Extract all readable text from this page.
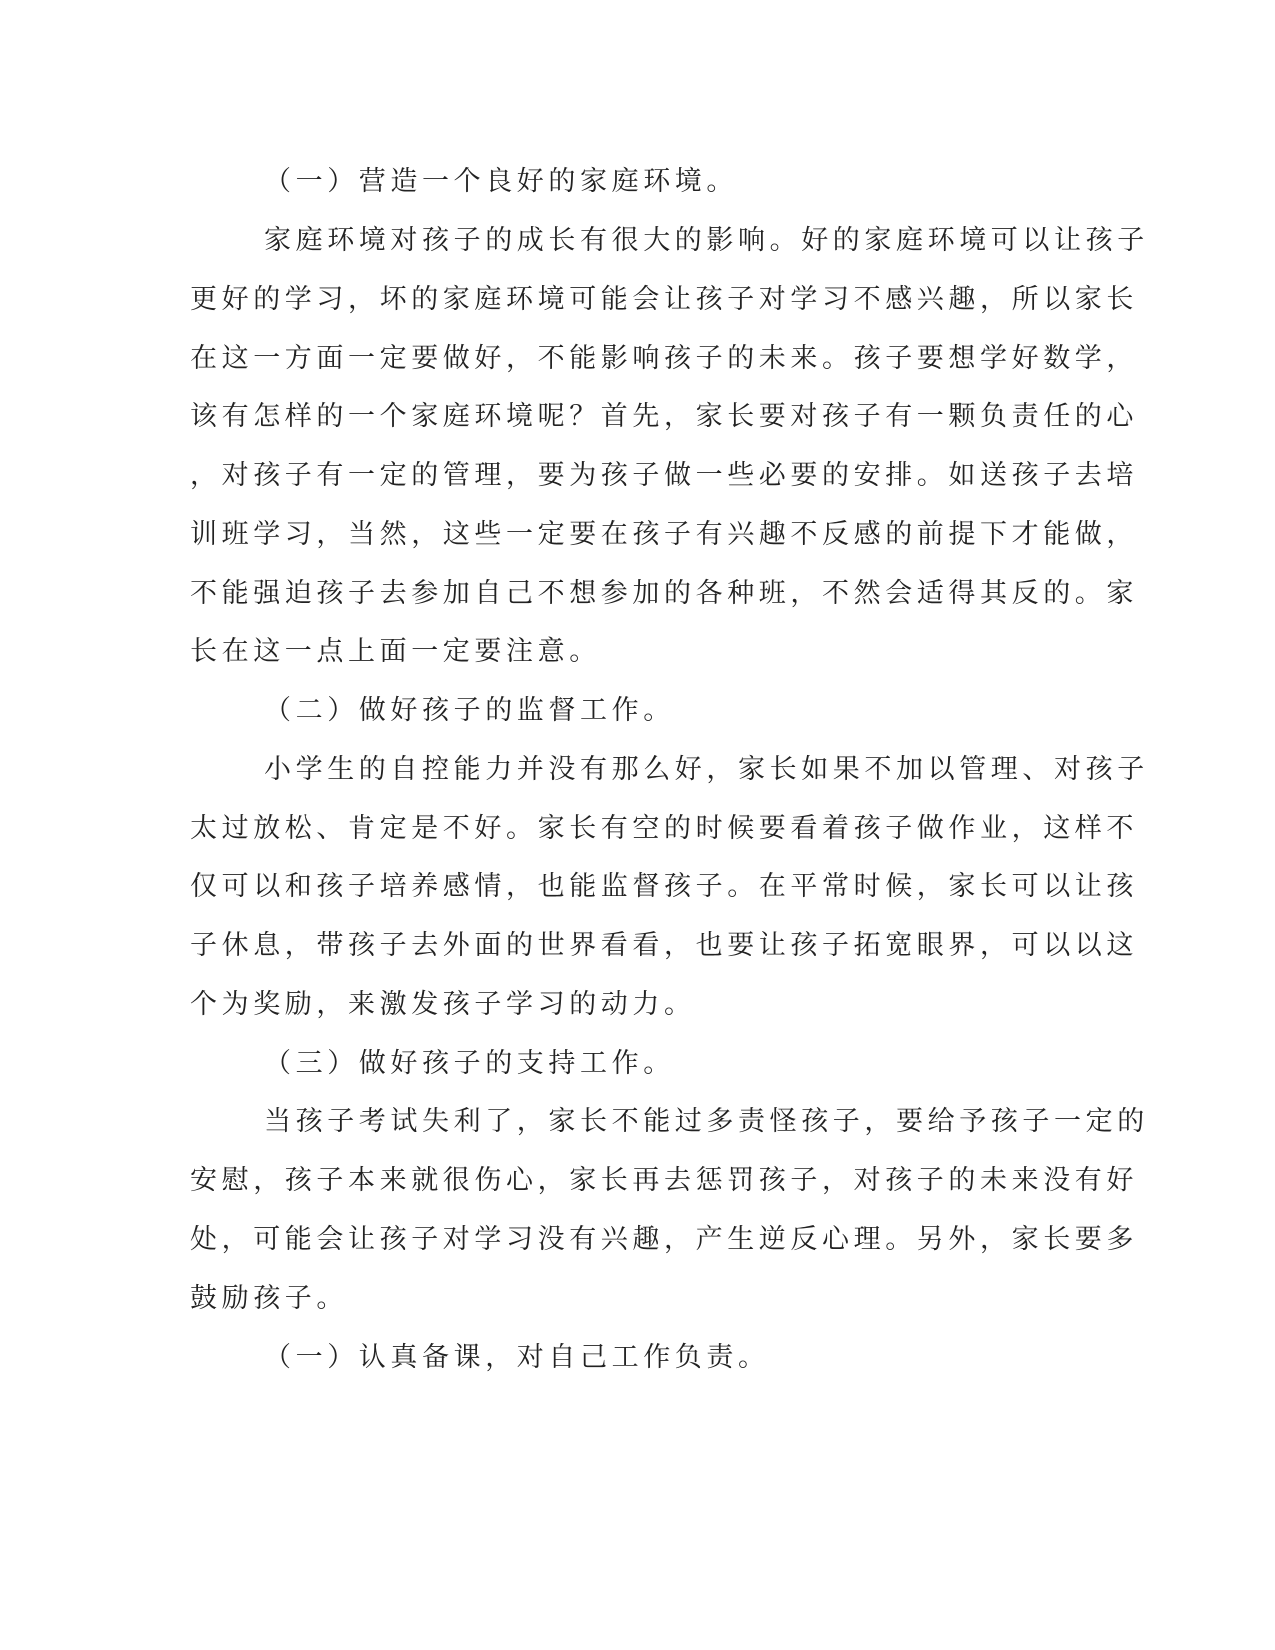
（一）营造一个良好的家庭环境。

家庭环境对孩子的成长有很大的影响。好的家庭环境可以让孩子

更好的学习，坏的家庭环境可能会让孩子对学习不感兴趣，所以家长

在这一方面一定要做好，不能影响孩子的未来。孩子要想学好数学，

该有怎样的一个家庭环境呢？首先，家长要对孩子有一颗负责任的心

，对孩子有一定的管理，要为孩子做一些必要的安排。如送孩子去培

训班学习，当然，这些一定要在孩子有兴趣不反感的前提下才能做，

不能强迫孩子去参加自己不想参加的各种班，不然会适得其反的。家

长在这一点上面一定要注意。

（二）做好孩子的监督工作。

小学生的自控能力并没有那么好，家长如果不加以管理、对孩子

太过放松、肯定是不好。家长有空的时候要看着孩子做作业，这样不

仅可以和孩子培养感情，也能监督孩子。在平常时候，家长可以让孩

子休息，带孩子去外面的世界看看，也要让孩子拓宽眼界，可以以这

个为奖励，来激发孩子学习的动力。

（三）做好孩子的支持工作。

当孩子考试失利了，家长不能过多责怪孩子，要给予孩子一定的

安慰，孩子本来就很伤心，家长再去惩罚孩子，对孩子的未来没有好

处，可能会让孩子对学习没有兴趣，产生逆反心理。另外，家长要多

鼓励孩子。

（一）认真备课，对自己工作负责。
